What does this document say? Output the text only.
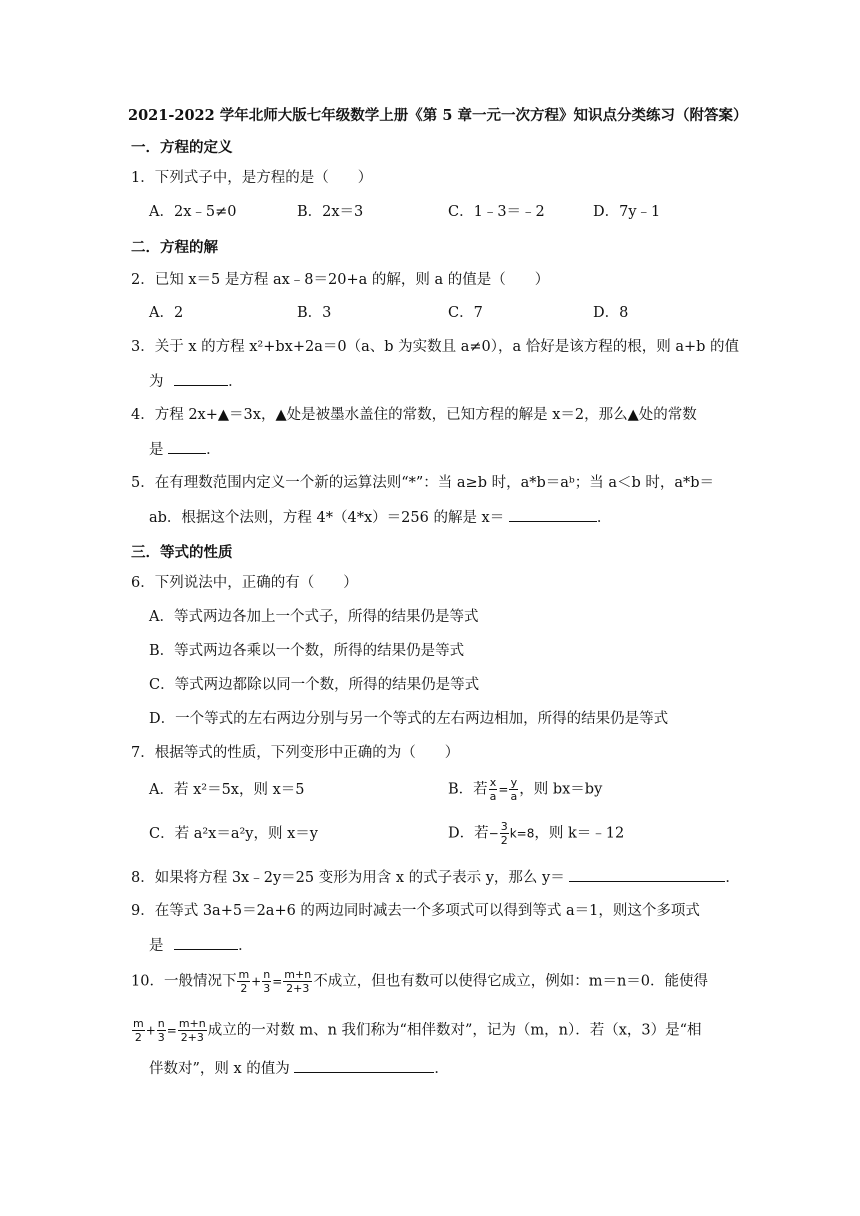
2021-2022 学年北师大版七年级数学上册《第 5 章一元一次方程》知识点分类练习（附答案）
一．方程的定义
1．下列式子中，是方程的是（　　）
A．2x﹣5≠0	B．2x＝3	C．1﹣3＝﹣2	D．7y﹣1
二．方程的解
2．已知 x＝5 是方程 ax﹣8＝20+a 的解，则 a 的值是（　　）
A．2	B．3	C．7	D．8
3．关于 x 的方程 x²+bx+2a＝0（a、b 为实数且 a≠0），a 恰好是该方程的根，则 a+b 的值
为	．
4．方程 2x+▲＝3x，▲处是被墨水盖住的常数，已知方程的解是 x＝2，那么▲处的常数
是	．
5．在有理数范围内定义一个新的运算法则“*”：当 a≥b 时，a*b＝aᵇ；当 a＜b 时，a*b＝
ab．根据这个法则，方程 4*（4*x）＝256 的解是 x＝	．
三．等式的性质
6．下列说法中，正确的有（　　）
A．等式两边各加上一个式子，所得的结果仍是等式
B．等式两边各乘以一个数，所得的结果仍是等式
C．等式两边都除以同一个数，所得的结果仍是等式
D．一个等式的左右两边分别与另一个等式的左右两边相加，所得的结果仍是等式
7．根据等式的性质，下列变形中正确的为（　　）
A．若 x²＝5x，则 x＝5	B．若 $\frac{x}{a} = \frac{y}{a}$ ，则 bx＝by
C．若 a²x＝a²y，则 x＝y	D．若− $\frac{3}{2} k=8$，则 k＝﹣12
8．如果将方程 3x﹣2y＝25 变形为用含 x 的式子表示 y，那么 y＝	．
9．在等式 3a+5＝2a+6 的两边同时减去一个多项式可以得到等式 a＝1，则这个多项式
是	．
10．一般情况下 $\frac{m}{2} + \frac{n}{3} = \frac{m+n}{2+3}$ 不成立，但也有数可以使得它成立，例如：m＝n＝0．能使得
$\frac{m}{2} + \frac{n}{3} = \frac{m+n}{2+3}$ 成立的一对数 m、n 我们称为“相伴数对”，记为（m，n）．若（x，3）是“相
伴数对”，则 x 的值为	．
